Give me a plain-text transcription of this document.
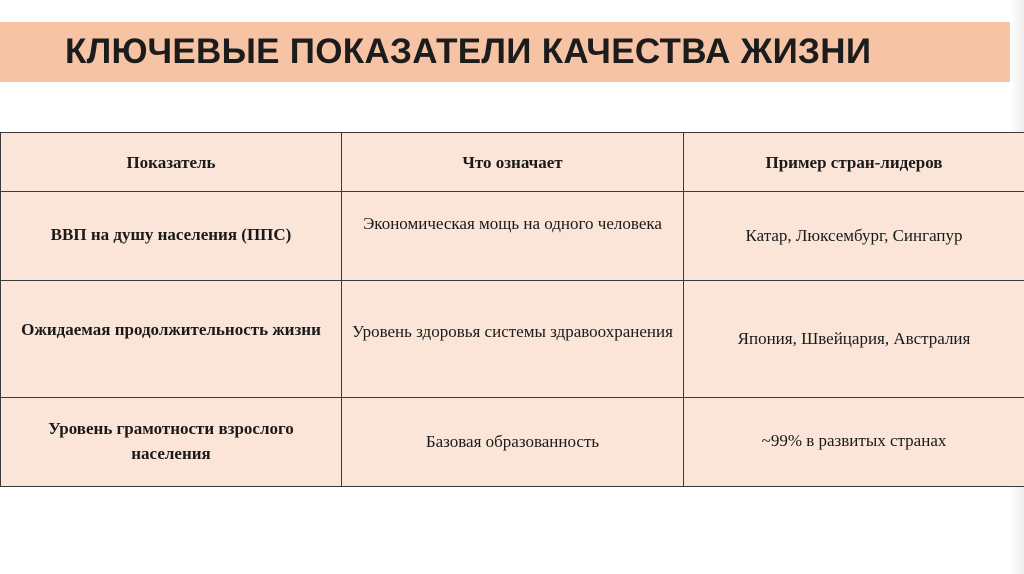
КЛЮЧЕВЫЕ ПОКАЗАТЕЛИ КАЧЕСТВА ЖИЗНИ
Показатель	Что означает	Пример стран-лидеров
ВВП на душу населения (ППС)	Экономическая мощь на одного человека	Катар, Люксембург, Сингапур
Ожидаемая продолжительность жизни	Уровень здоровья системы здравоохранения	Япония, Швейцария, Австралия
Уровень грамотности взрослого населения	Базовая образованность	~99% в развитых странах
